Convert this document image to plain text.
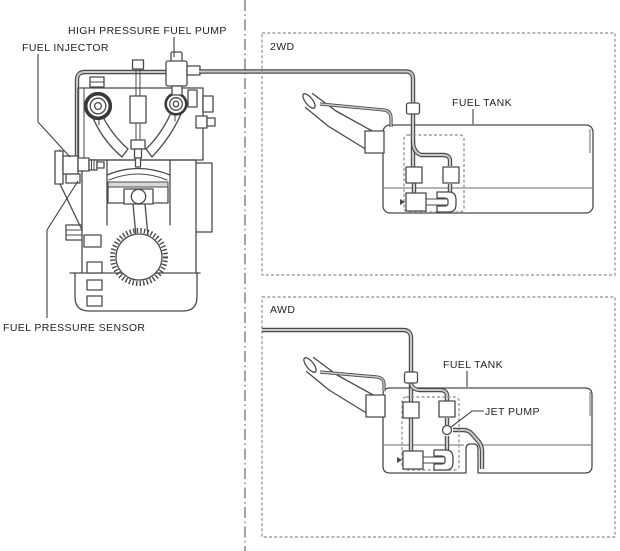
2WD
FUEL TANK
AWD
FUEL TANK
JET PUMP
HIGH PRESSURE FUEL PUMP
FUEL INJECTOR
FUEL PRESSURE SENSOR
